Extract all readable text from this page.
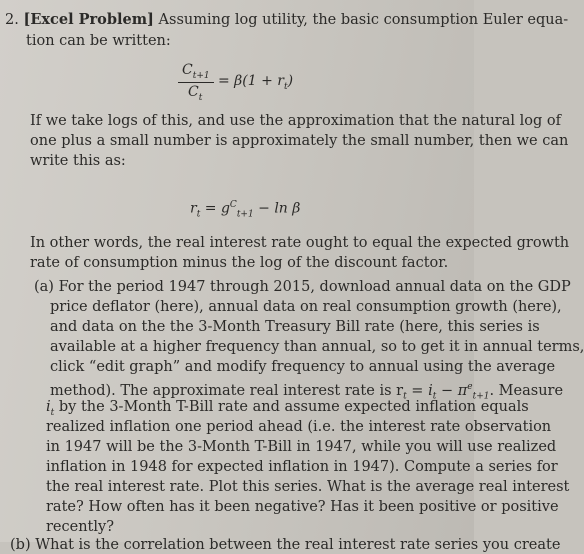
2. [Excel Problem] Assuming log utility, the basic consumption Euler equa-
tion can be written:
$C_{t+1}$
$C_t$
= $\beta(1 + r_t)$
If we take logs of this, and use the approximation that the natural log of
one plus a small number is approximately the small number, then we can
write this as:
$r_t = g^C_{t+1} - \ln \beta$
In other words, the real interest rate ought to equal the expected growth
rate of consumption minus the log of the discount factor.
(a) For the period 1947 through 2015, download annual data on the GDP
price deflator (here), annual data on real consumption growth (here),
and data on the the 3-Month Treasury Bill rate (here, this series is
available at a higher frequency than annual, so to get it in annual terms,
click “edit graph” and modify frequency to annual using the average
method). The approximate real interest rate is $r_t = i_t - \pi^e_{t+1}$. Measure
$i_t$ by the 3-Month T-Bill rate and assume expected inflation equals
realized inflation one period ahead (i.e. the interest rate observation
in 1947 will be the 3-Month T-Bill in 1947, while you will use realized
inflation in 1948 for expected inflation in 1947). Compute a series for
the real interest rate. Plot this series. What is the average real interest
rate? How often has it been negative? Has it been positive or positive
recently?
(b) What is the correlation between the real interest rate series you create
